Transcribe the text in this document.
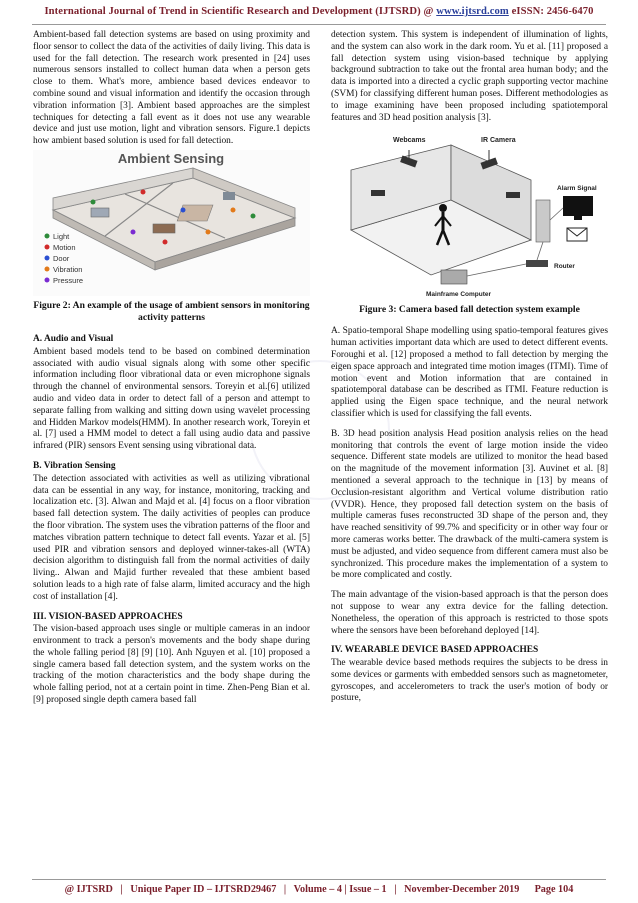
International Journal of Trend in Scientific Research and Development (IJTSRD) @ www.ijtsrd.com eISSN: 2456-6470

Ambient-based fall detection systems are based on using proximity and floor sensor to collect the data of the activities of daily living. This data is used for the fall detection. The research work presented in [24] uses numerous sensors installed to collect human data when a person gets close to them. What's more, ambience based devices endeavor to combine sound and visual information and identify the occasion through vibration information [3]. Ambient based approaches are the simplest techniques for detecting a fall event as it does not use any wearable device and just use motion, light and vibration sensors. Figure.1 depicts how ambient based solution is used for fall detection.

Ambient Sensing
Light
Motion
Door
Vibration
Pressure
Figure 2: An example of the usage of ambient sensors in monitoring activity patterns
A. Audio and Visual

Ambient based models tend to be based on combined determination associated with audio visual signals along with some other specific information including floor vibrational data or even microphone signals through the channel of environmental sensors. Toreyin et al.[6] utilized audio and video data in order to detect fall of a person and attempt to separate falling from walking and sitting down using wavelet processing and Hidden Markov models(HMM). In another research work, Toreyin et al. [7] used a HMM model to detect a fall using audio data and passive infrared (PIR) sensors Event sensing using vibrational data.

B. Vibration Sensing

The detection associated with activities as well as utilizing vibrational data can be essential in any way, for instance, monitoring, tracking and localization etc. [3]. Alwan and Majd et al. [4] focus on a floor vibration based fall detection system. The daily activities of peoples can produce the floor vibration. The system uses the vibration patterns of the floor and matches vibration pattern technique to detect fall events. Yazar et al. [5] used PIR and vibration sensors and deployed winner-takes-all (WTA) decision algorithm to distinguish fall from the normal activities of daily living.. Alwan and Majid further revealed that these ambient based solution leads to a high rate of false alarm, limited accuracy and the high cost of installation [4].

III. VISION-BASED APPROACHES

The vision-based approach uses single or multiple cameras in an indoor environment to track a person's movements and the body shape during the whole falling period [8] [9] [10]. Anh Nguyen et al. [10] proposed a single camera based fall detection system, and the system works on the tracking of the motion characteristics and the body shape during the whole falling period, not at a certain point in time. Zhen-Peng Bian et al. [9] proposed single depth camera based fall

detection system. This system is independent of illumination of lights, and the system can also work in the dark room. Yu et al. [11] proposed a fall detection system using vision-based technique by applying background subtraction to take out the frontal area human body; and the data is imported into a directed a cyclic graph supporting vector machine (SVM) for classifying different human poses. Different methodologies as to image examining have been proposed including spatiotemporal features and 3D head position analysis [3].

Webcams	IR Camera
Alarm Signal
Router
Mainframe Computer
Figure 3: Camera based fall detection system example

A. Spatio-temporal Shape modelling using spatio-temporal features gives human activities important data which are used to detect different events. Foroughi et al. [12] proposed a method to fall detection by merging the eigen space approach and integrated time motion images (ITMI). Time of motion event and Motion information that are contained in spatiotemporal database can be described as ITMI. Feature reduction is applied using the Eigen space technique, and the neural network classifier which is used for classifying the fall events.

B. 3D head position analysis Head position analysis relies on the head monitoring that controls the event of large motion inside the video sequence. Different state models are utilized to monitor the head based on the magnitude of the movement information [3]. Auvinet et al. [8] mentioned a several approach to the technique in [13] by means of Occlusion-resistant algorithm and Vertical volume distribution ratio (VVDR). Hence, they proposed fall detection system on the basis of multiple cameras fuses reconstructed 3D shape of the person and, they have reached sensitivity of 99.7% and specificity or in other way four or more cameras works better. The drawback of the multi-camera system is must be adjusted, and video sequence from different camera must also be synchronized. This procedure makes the implementation of a system to be more complicated and costly.

The main advantage of the vision-based approach is that the person does not suppose to wear any extra device for the falling detection. Nonetheless, the operation of this approach is restricted to those spots where the sensors have been beforehand deployed [14].

IV. WEARABLE DEVICE BASED APPROACHES

The wearable device based methods requires the subjects to be dress in some devices or garments with embedded sensors such as magnetometer, gyroscopes, and accelerometers to track the user's motion of body or posture,

@ IJTSRD   |   Unique Paper ID – IJTSRD29467   |   Volume – 4 | Issue – 1   |   November-December 2019      Page 104
